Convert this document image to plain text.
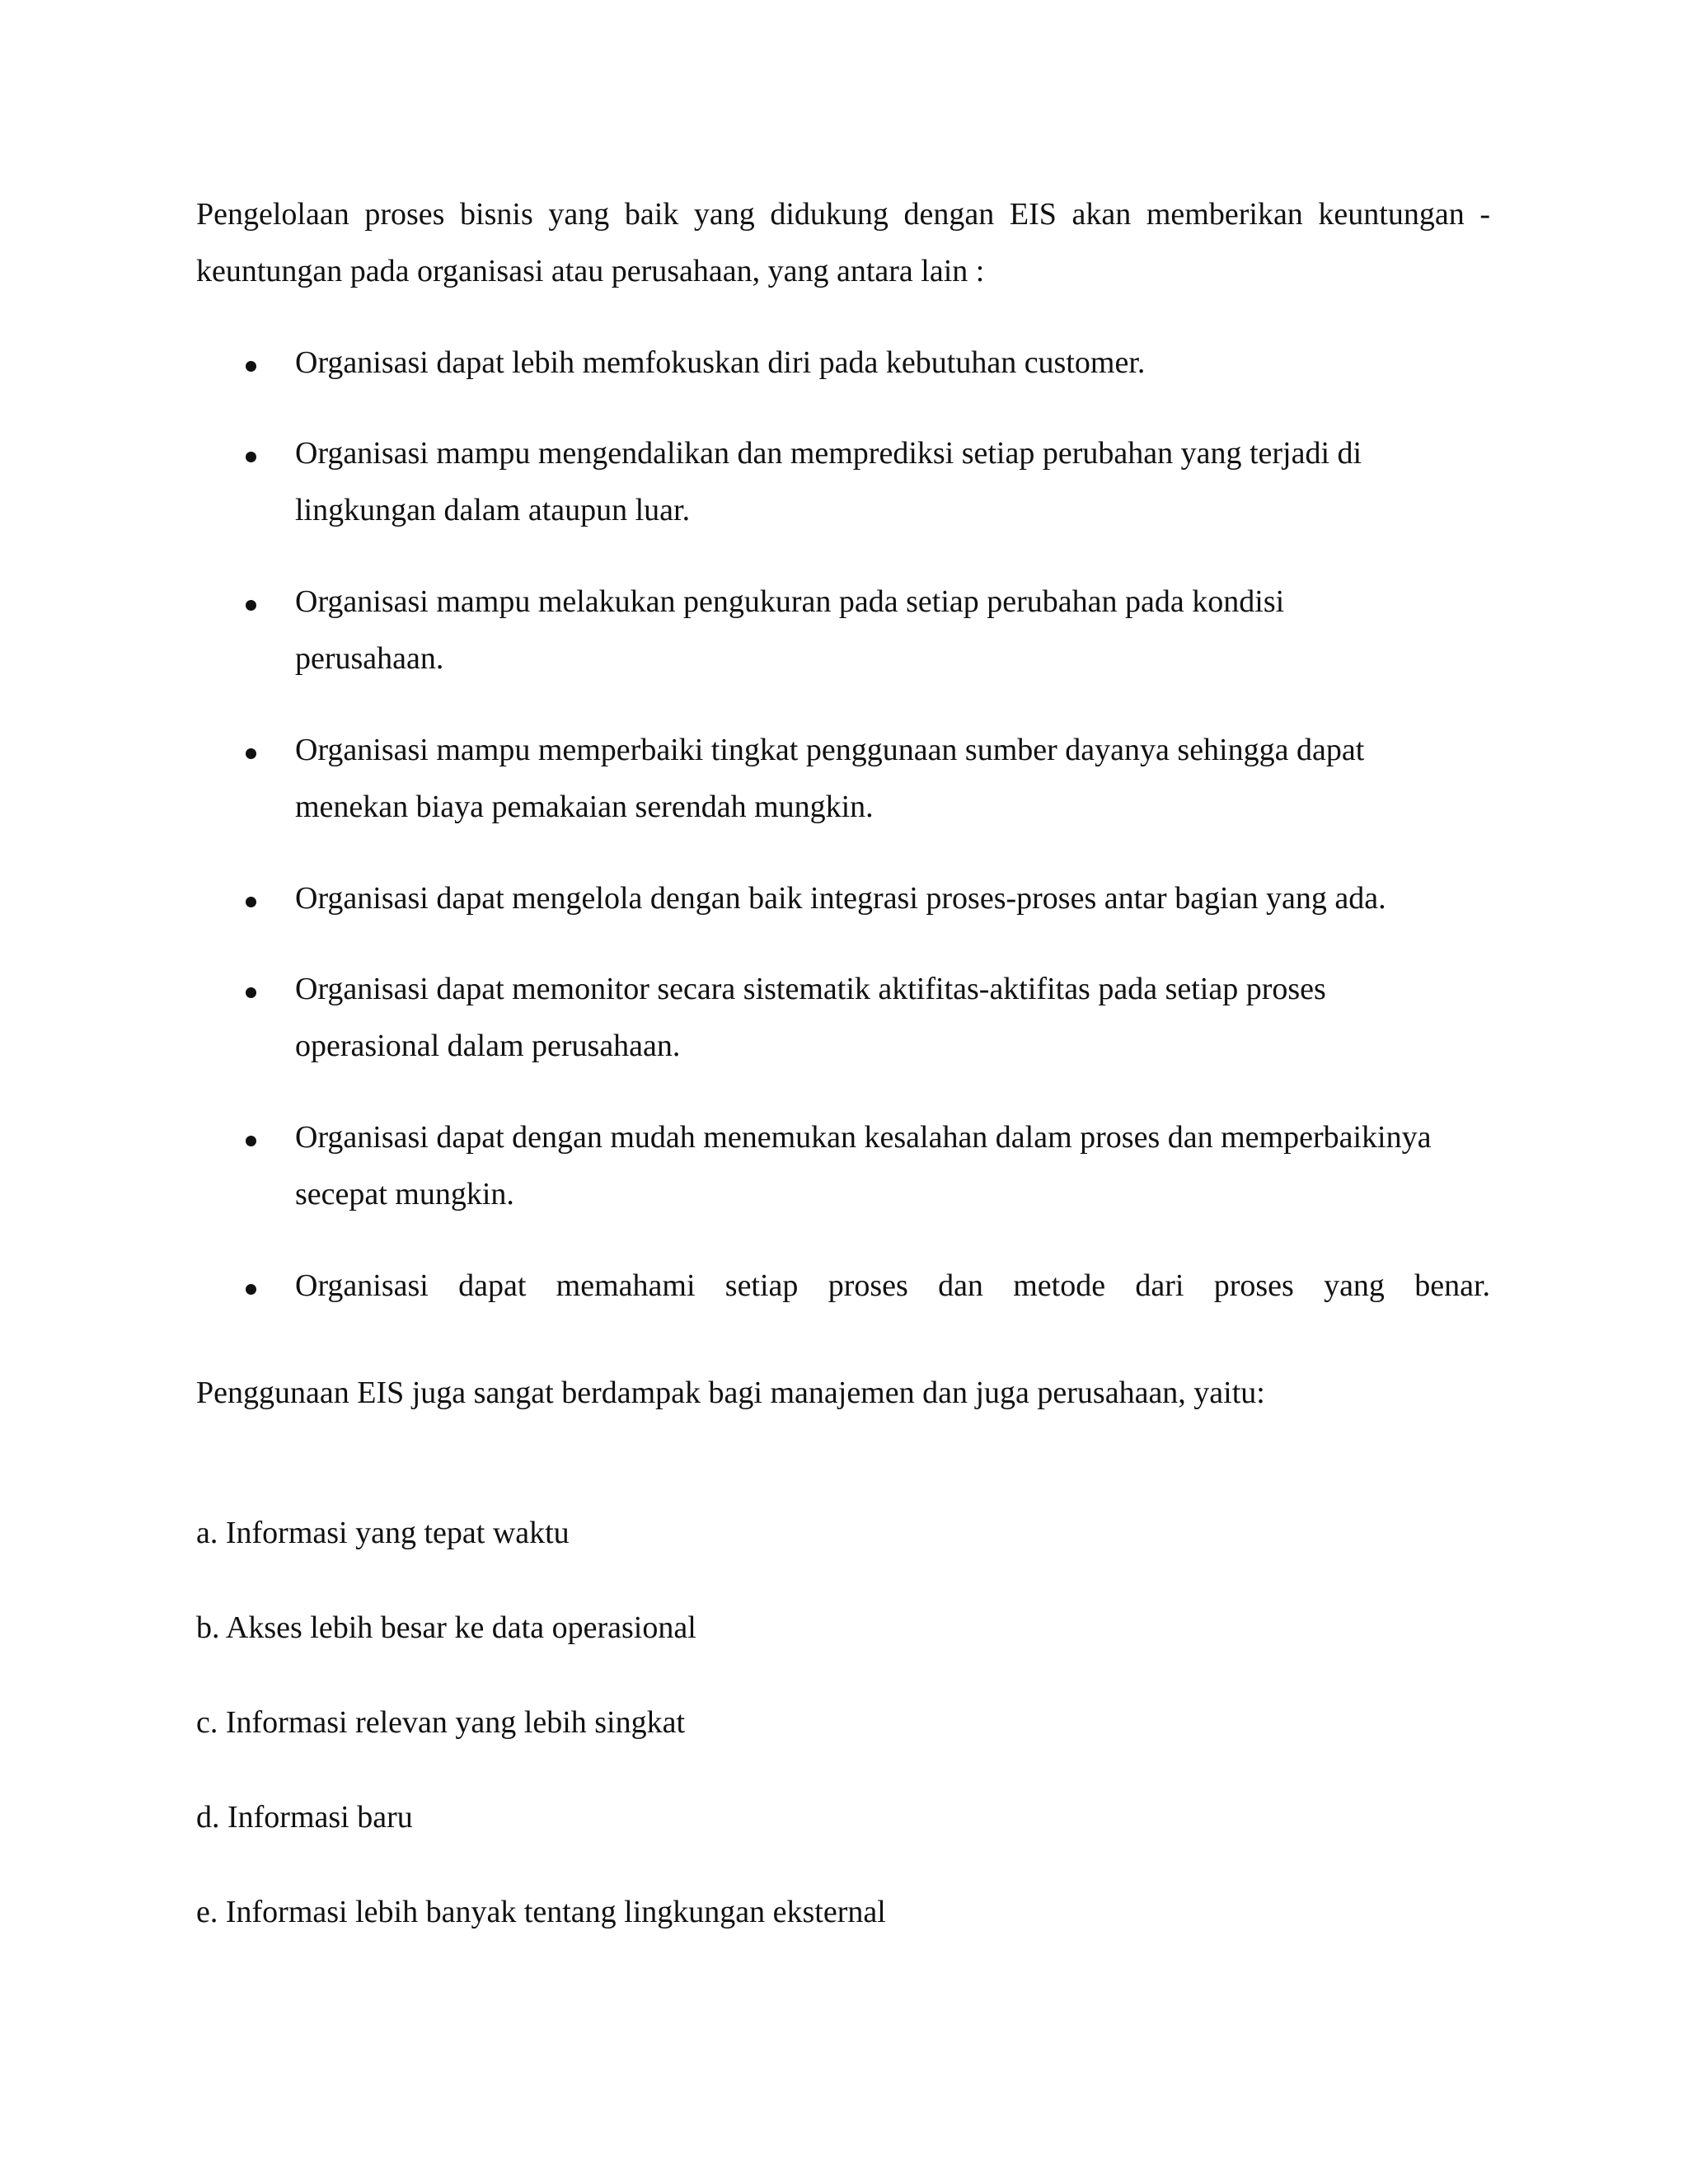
Pengelolaan proses bisnis yang baik yang didukung dengan EIS akan memberikan keuntungan -
keuntungan pada organisasi atau perusahaan, yang antara lain :
Organisasi dapat lebih memfokuskan diri pada kebutuhan customer.
Organisasi mampu mengendalikan dan memprediksi setiap perubahan yang terjadi di
lingkungan dalam ataupun luar.
Organisasi mampu melakukan pengukuran pada setiap perubahan pada kondisi
perusahaan.
Organisasi mampu memperbaiki tingkat penggunaan sumber dayanya sehingga dapat
menekan biaya pemakaian serendah mungkin.
Organisasi dapat mengelola dengan baik integrasi proses-proses antar bagian yang ada.
Organisasi dapat memonitor secara sistematik aktifitas-aktifitas pada setiap proses
operasional dalam perusahaan.
Organisasi dapat dengan mudah menemukan kesalahan dalam proses dan memperbaikinya
secepat mungkin.
Organisasi dapat memahami setiap proses dan metode dari proses yang benar.
Penggunaan EIS juga sangat berdampak bagi manajemen dan juga perusahaan, yaitu:
a. Informasi yang tepat waktu
b. Akses lebih besar ke data operasional
c. Informasi relevan yang lebih singkat
d. Informasi baru
e. Informasi lebih banyak tentang lingkungan eksternal
